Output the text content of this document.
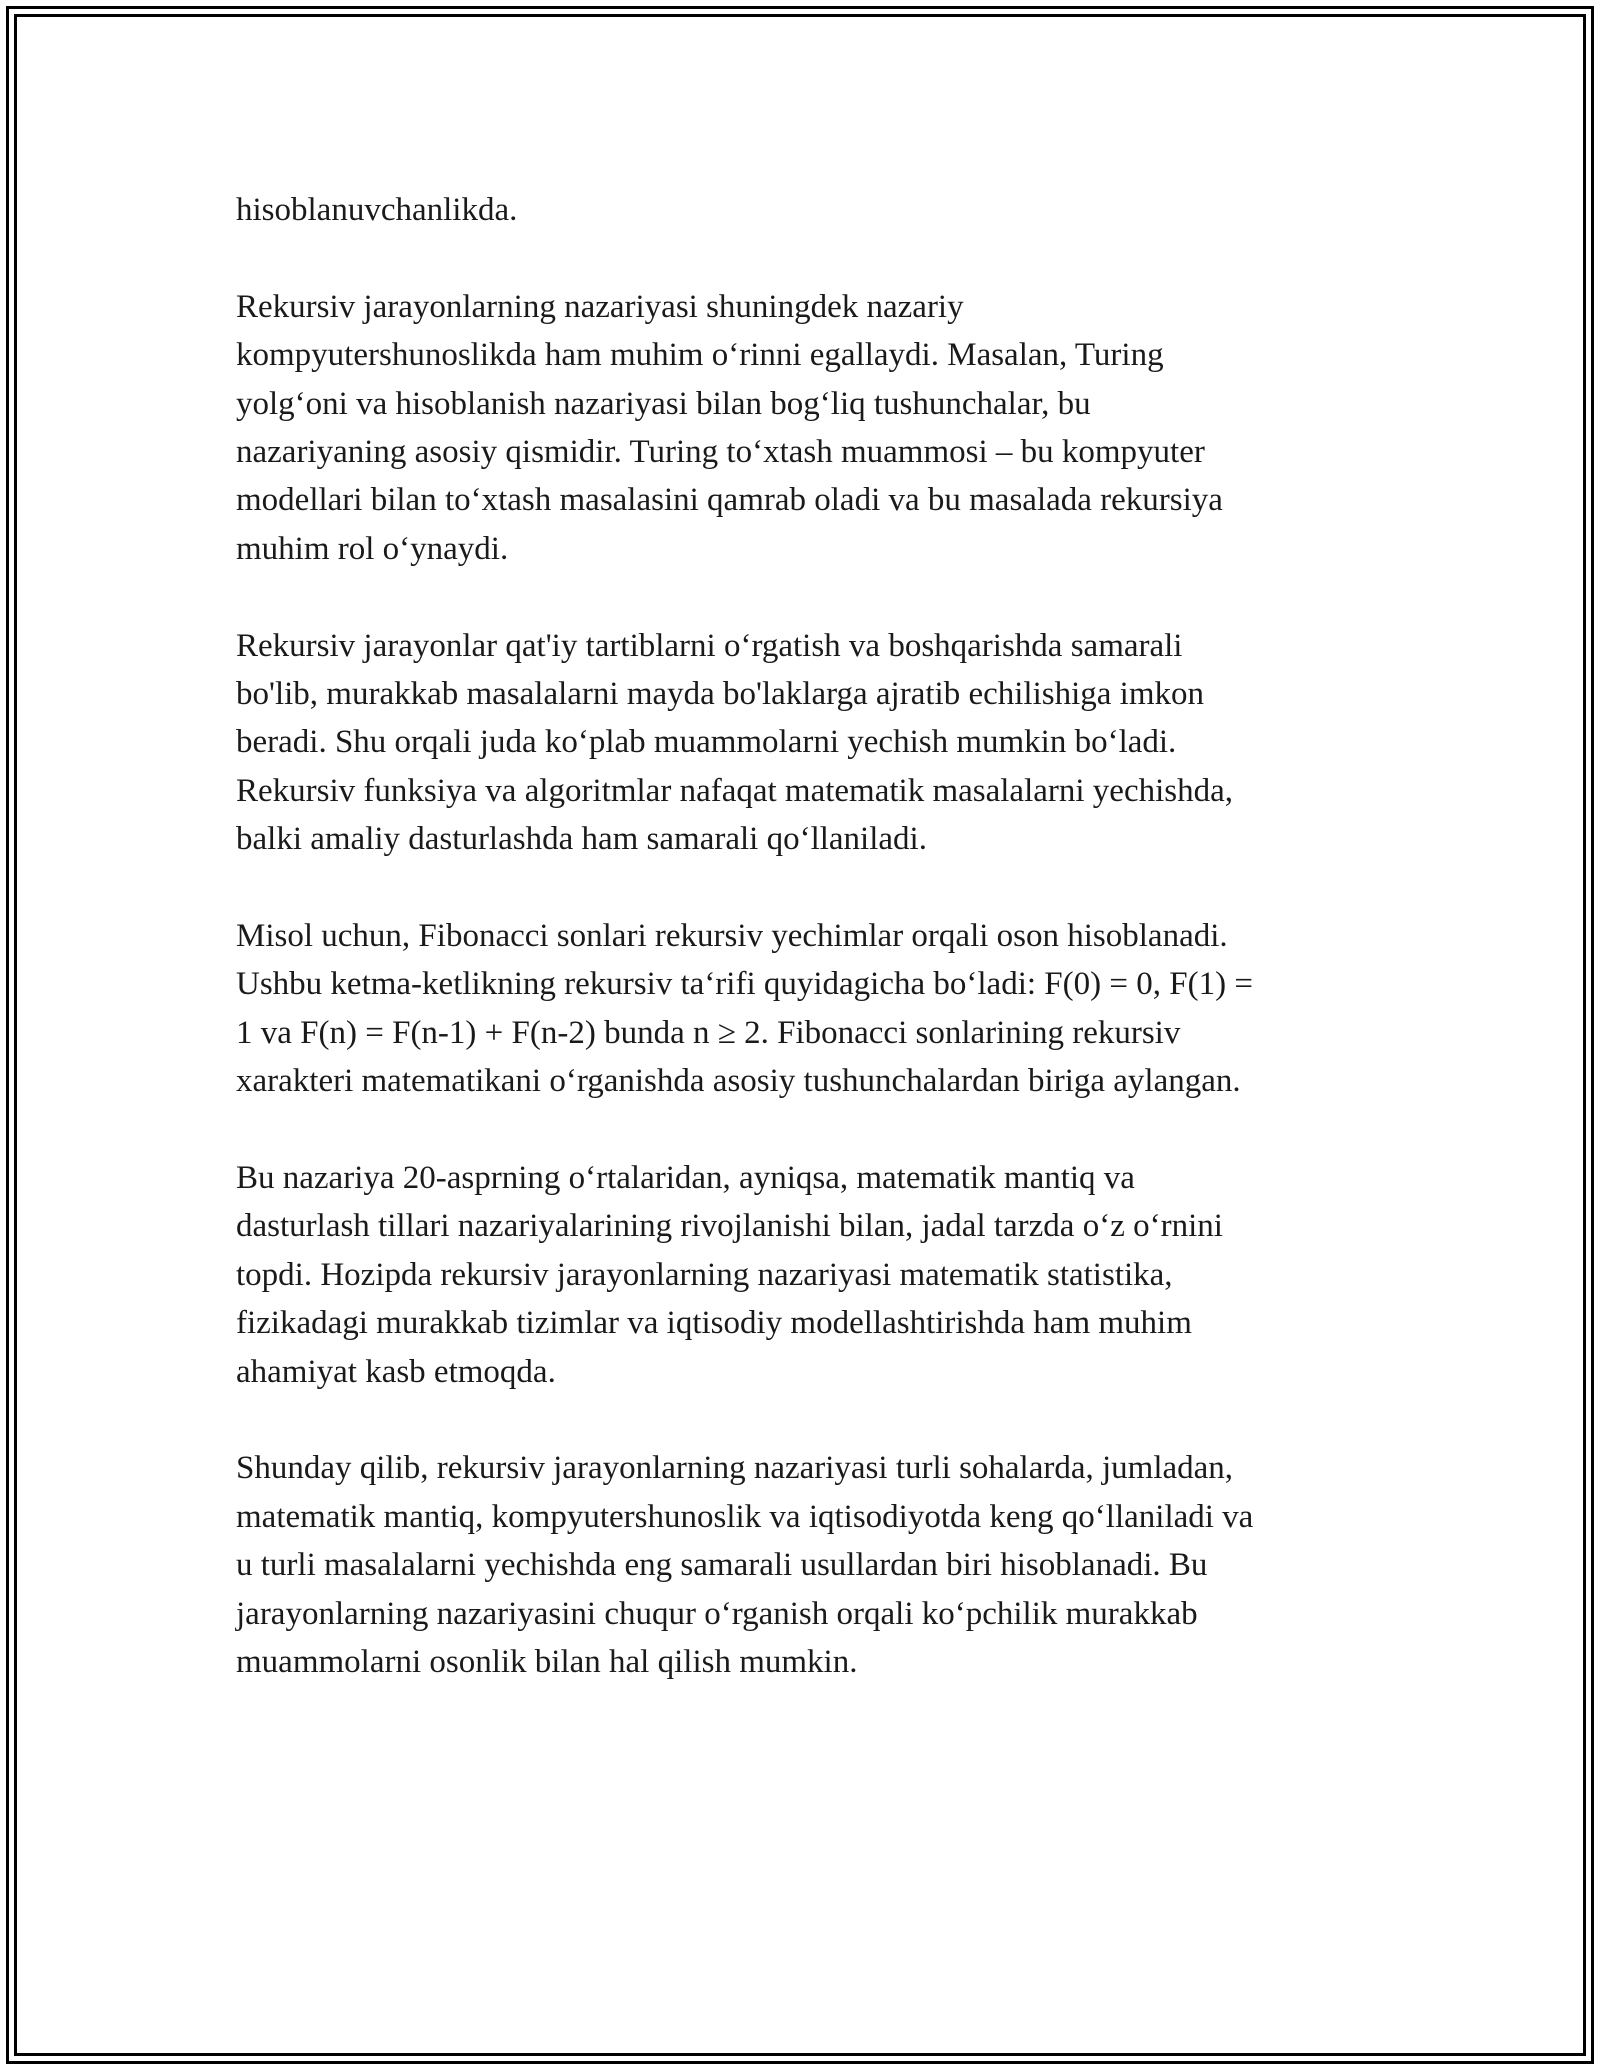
hisoblanuvchanlikda.

Rekursiv jarayonlarning nazariyasi shuningdek nazariy
kompyutershunoslikda ham muhim o‘rinni egallaydi. Masalan, Turing
yolg‘oni va hisoblanish nazariyasi bilan bog‘liq tushunchalar, bu
nazariyaning asosiy qismidir. Turing to‘xtash muammosi – bu kompyuter
modellari bilan to‘xtash masalasini qamrab oladi va bu masalada rekursiya
muhim rol o‘ynaydi.

Rekursiv jarayonlar qat'iy tartiblarni o‘rgatish va boshqarishda samarali
bo'lib, murakkab masalalarni mayda bo'laklarga ajratib echilishiga imkon
beradi. Shu orqali juda ko‘plab muammolarni yechish mumkin bo‘ladi.
Rekursiv funksiya va algoritmlar nafaqat matematik masalalarni yechishda,
balki amaliy dasturlashda ham samarali qo‘llaniladi.

Misol uchun, Fibonacci sonlari rekursiv yechimlar orqali oson hisoblanadi.
Ushbu ketma-ketlikning rekursiv ta‘rifi quyidagicha bo‘ladi: F(0) = 0, F(1) =
1 va F(n) = F(n-1) + F(n-2) bunda n ≥ 2. Fibonacci sonlarining rekursiv
xarakteri matematikani o‘rganishda asosiy tushunchalardan biriga aylangan.

Bu nazariya 20-asprning o‘rtalaridan, ayniqsa, matematik mantiq va
dasturlash tillari nazariyalarining rivojlanishi bilan, jadal tarzda o‘z o‘rnini
topdi. Hozipda rekursiv jarayonlarning nazariyasi matematik statistika,
fizikadagi murakkab tizimlar va iqtisodiy modellashtirishda ham muhim
ahamiyat kasb etmoqda.

Shunday qilib, rekursiv jarayonlarning nazariyasi turli sohalarda, jumladan,
matematik mantiq, kompyutershunoslik va iqtisodiyotda keng qo‘llaniladi va
u turli masalalarni yechishda eng samarali usullardan biri hisoblanadi. Bu
jarayonlarning nazariyasini chuqur o‘rganish orqali ko‘pchilik murakkab
muammolarni osonlik bilan hal qilish mumkin.
